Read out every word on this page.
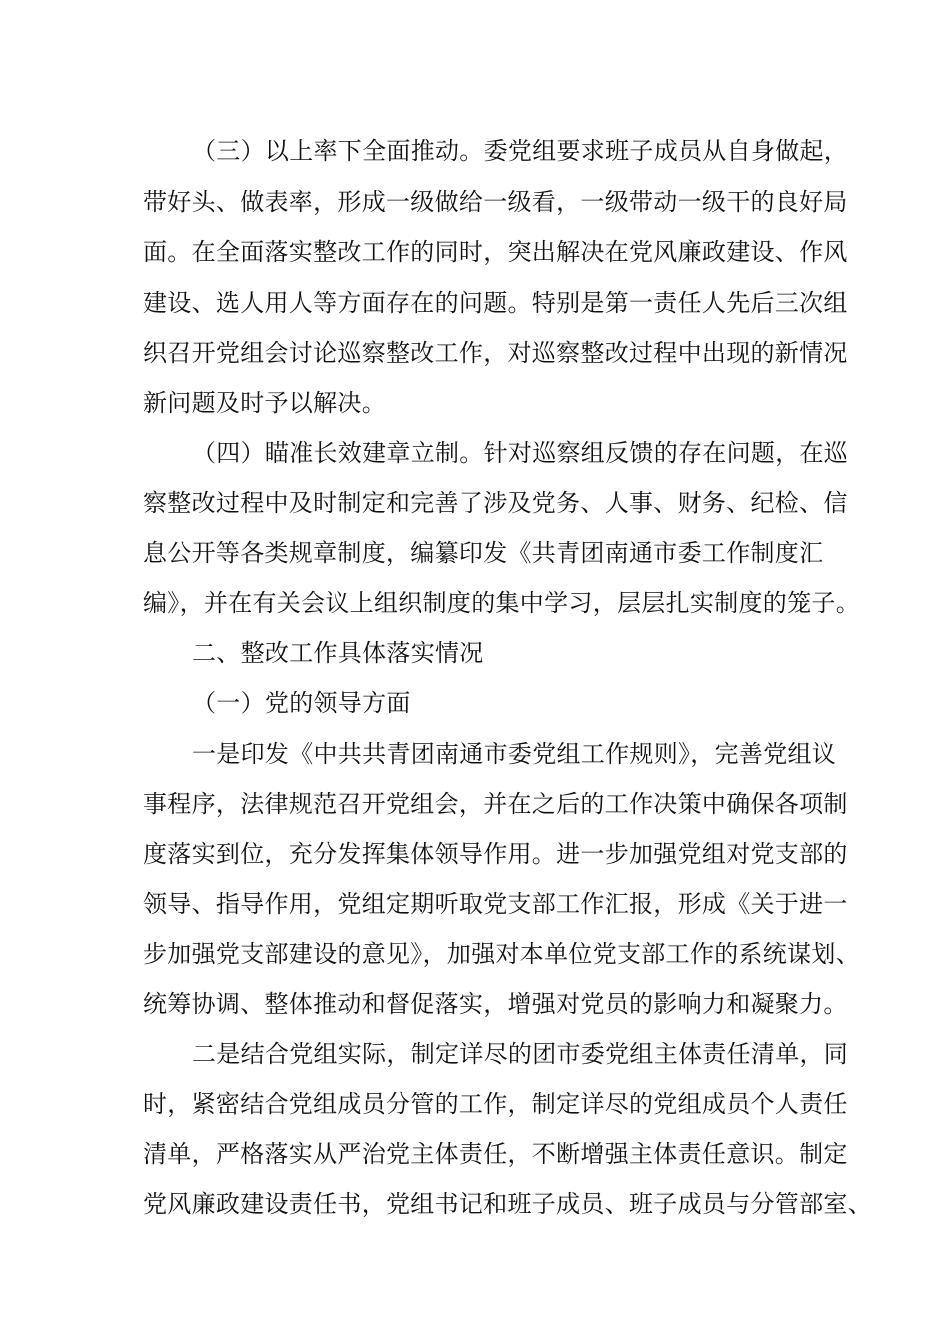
（三）以上率下全面推动。委党组要求班子成员从自身做起，
带好头、做表率，形成一级做给一级看，一级带动一级干的良好局
面。在全面落实整改工作的同时，突出解决在党风廉政建设、作风
建设、选人用人等方面存在的问题。特别是第一责任人先后三次组
织召开党组会讨论巡察整改工作，对巡察整改过程中出现的新情况
新问题及时予以解决。
（四）瞄准长效建章立制。针对巡察组反馈的存在问题，在巡
察整改过程中及时制定和完善了涉及党务、人事、财务、纪检、信
息公开等各类规章制度，编纂印发《共青团南通市委工作制度汇
编》，并在有关会议上组织制度的集中学习，层层扎实制度的笼子。
二、整改工作具体落实情况
（一）党的领导方面
一是印发《中共共青团南通市委党组工作规则》，完善党组议
事程序，法律规范召开党组会，并在之后的工作决策中确保各项制
度落实到位，充分发挥集体领导作用。进一步加强党组对党支部的
领导、指导作用，党组定期听取党支部工作汇报，形成《关于进一
步加强党支部建设的意见》，加强对本单位党支部工作的系统谋划、
统筹协调、整体推动和督促落实，增强对党员的影响力和凝聚力。
二是结合党组实际，制定详尽的团市委党组主体责任清单，同
时，紧密结合党组成员分管的工作，制定详尽的党组成员个人责任
清单，严格落实从严治党主体责任，不断增强主体责任意识。制定
党风廉政建设责任书，党组书记和班子成员、班子成员与分管部室、
